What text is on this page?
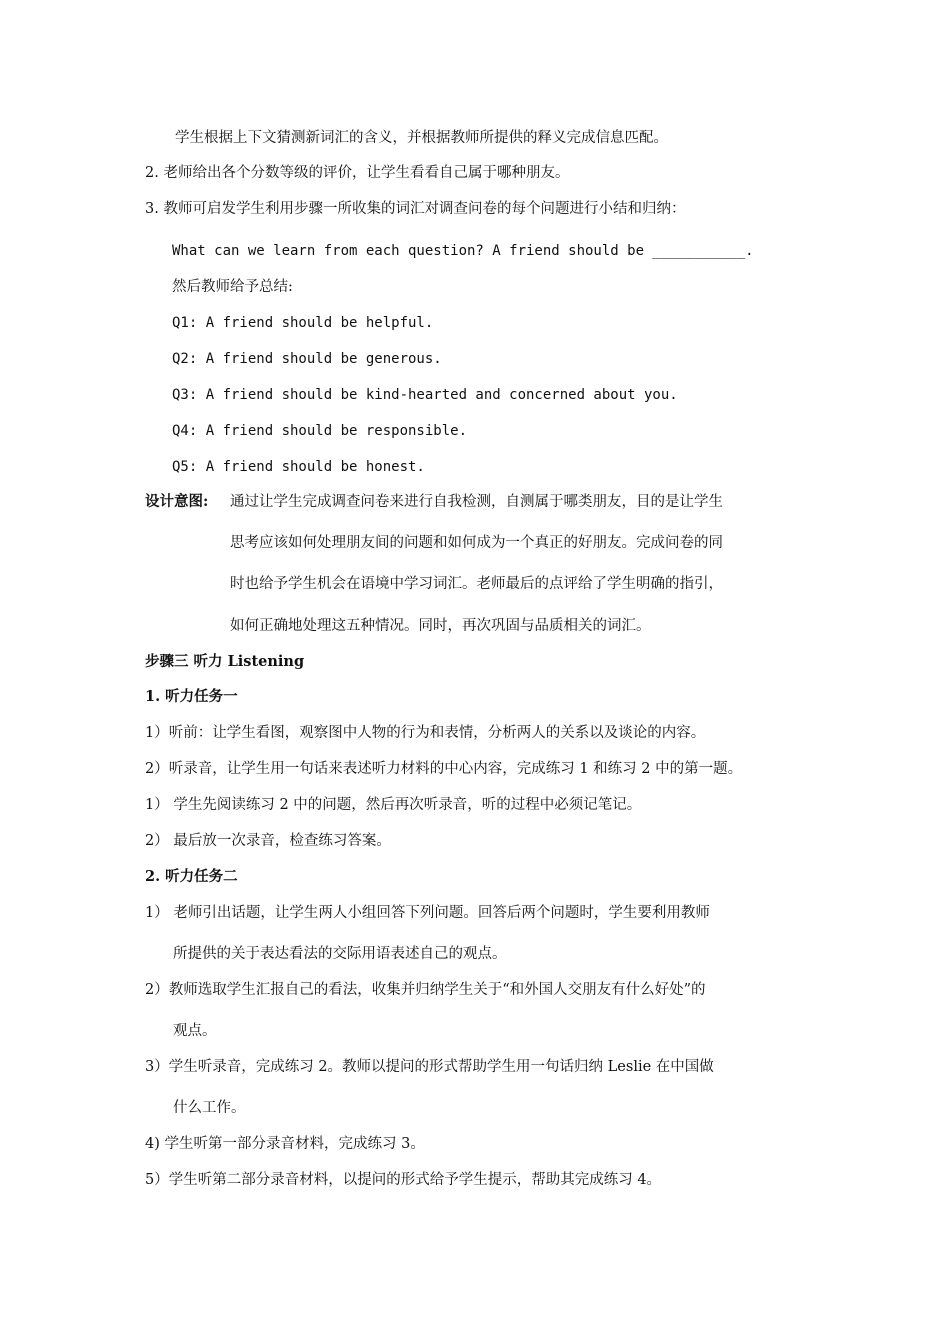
学生根据上下文猜测新词汇的含义，并根据教师所提供的释义完成信息匹配。
2. 老师给出各个分数等级的评价，让学生看看自己属于哪种朋友。
3. 教师可启发学生利用步骤一所收集的词汇对调查问卷的每个问题进行小结和归纳：
What can we learn from each question? A friend should be ___________.
然后教师给予总结:
Q1: A friend should be helpful.
Q2: A friend should be generous.
Q3: A friend should be kind-hearted and concerned about you.
Q4: A friend should be responsible.
Q5: A friend should be honest.
设计意图: 通过让学生完成调查问卷来进行自我检测，自测属于哪类朋友，目的是让学生
思考应该如何处理朋友间的问题和如何成为一个真正的好朋友。完成问卷的同
时也给予学生机会在语境中学习词汇。老师最后的点评给了学生明确的指引，
如何正确地处理这五种情况。同时，再次巩固与品质相关的词汇。
步骤三 听力 Listening
1. 听力任务一
1）听前：让学生看图，观察图中人物的行为和表情，分析两人的关系以及谈论的内容。
2）听录音，让学生用一句话来表述听力材料的中心内容，完成练习 1 和练习 2 中的第一题。
1） 学生先阅读练习 2 中的问题，然后再次听录音，听的过程中必须记笔记。
2） 最后放一次录音，检查练习答案。
2. 听力任务二
1） 老师引出话题，让学生两人小组回答下列问题。回答后两个问题时，学生要利用教师
所提供的关于表达看法的交际用语表述自己的观点。
2）教师选取学生汇报自己的看法，收集并归纳学生关于“和外国人交朋友有什么好处”的
观点。
3）学生听录音，完成练习 2。教师以提问的形式帮助学生用一句话归纳 Leslie 在中国做
什么工作。
4) 学生听第一部分录音材料，完成练习 3。
5）学生听第二部分录音材料，以提问的形式给予学生提示，帮助其完成练习 4。
